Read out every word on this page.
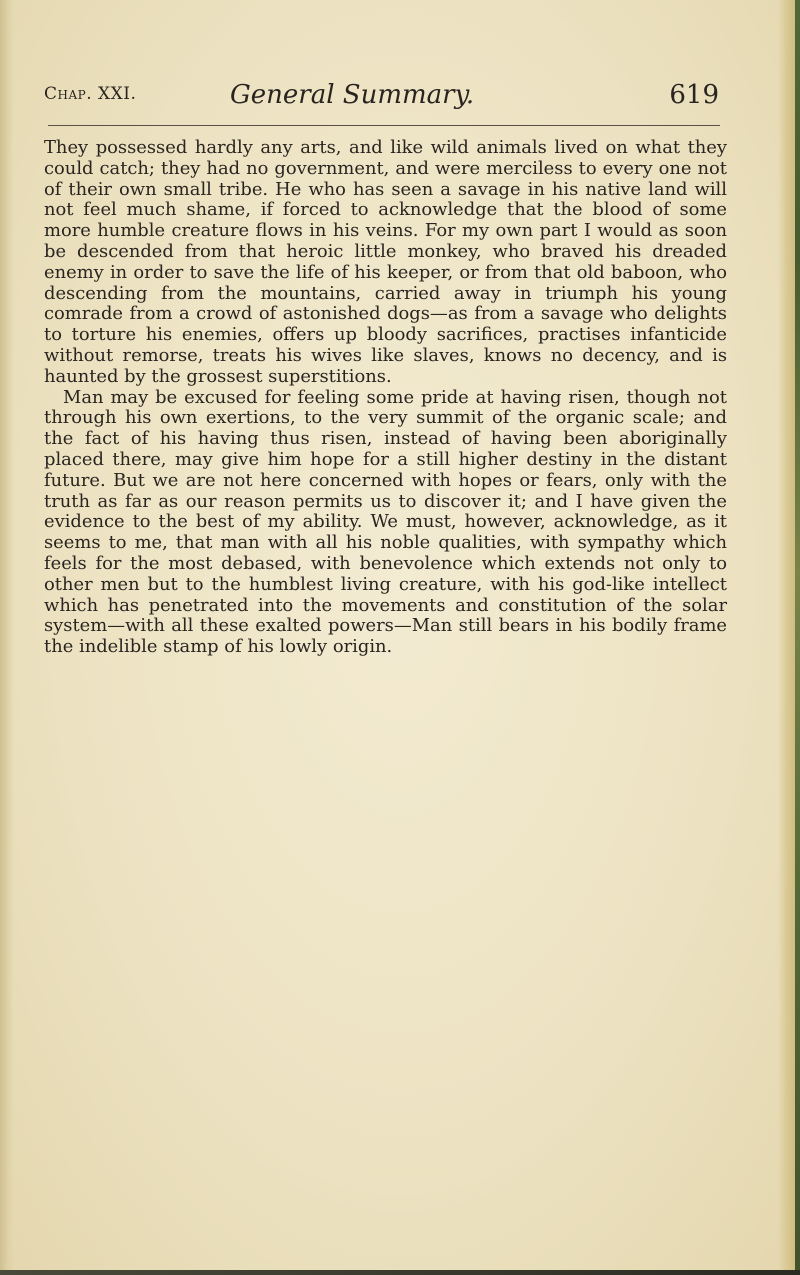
Chap. XXI.	General Summary.	619

They possessed hardly any arts, and like wild animals lived on what they could catch; they had no government, and were merciless to every one not of their own small tribe. He who has seen a savage in his native land will not feel much shame, if forced to acknowledge that the blood of some more humble creature flows in his veins. For my own part I would as soon be descended from that heroic little monkey, who braved his dreaded enemy in order to save the life of his keeper, or from that old baboon, who descending from the mountains, carried away in triumph his young comrade from a crowd of astonished dogs—as from a savage who delights to torture his enemies, offers up bloody sacrifices, practises infanticide without remorse, treats his wives like slaves, knows no decency, and is haunted by the grossest superstitions.

Man may be excused for feeling some pride at having risen, though not through his own exertions, to the very summit of the organic scale; and the fact of his having thus risen, instead of having been aboriginally placed there, may give him hope for a still higher destiny in the distant future. But we are not here concerned with hopes or fears, only with the truth as far as our reason permits us to discover it; and I have given the evidence to the best of my ability. We must, however, acknowledge, as it seems to me, that man with all his noble qualities, with sympathy which feels for the most debased, with benevolence which extends not only to other men but to the humblest living creature, with his god-like intellect which has penetrated into the movements and constitution of the solar system—with all these exalted powers—Man still bears in his bodily frame the indelible stamp of his lowly origin.
